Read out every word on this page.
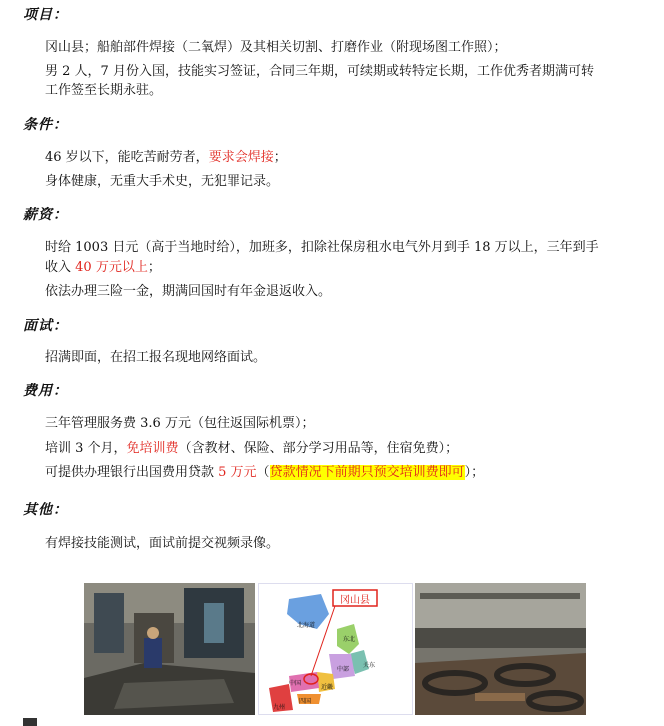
项目：
冈山县；船舶部件焊接（二氧焊）及其相关切割、打磨作业（附现场图工作照）；
男 2 人，7 月份入国，技能实习签证，合同三年期，可续期或转特定长期，工作优秀者期满可转
工作签至长期永驻。
条件：
46 岁以下，能吃苦耐劳者，要求会焊接；
身体健康，无重大手术史，无犯罪记录。
薪资：
时给 1003 日元（高于当地时给），加班多，扣除社保房租水电气外月到手 18 万以上，三年到手
收入 40 万元以上；
依法办理三险一金，期满回国时有年金退返收入。
面试：
招满即面，在招工报名现地网络面试。
费用：
三年管理服务费 3.6 万元（包往返国际机票）；
培训 3 个月，免培训费（含教材、保险、部分学习用品等，住宿免费）；
可提供办理银行出国费用贷款 5 万元（贷款情况下前期只预交培训费即可）；
其他：
有焊接技能测试，面试前提交视频录像。
冈山县
北海道
东北
关东
中部
近畿
中国
四国
九州
